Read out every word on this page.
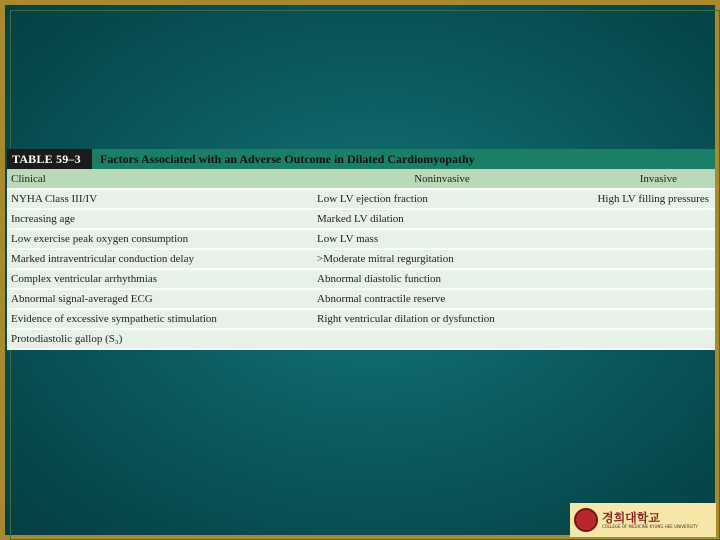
TABLE 59–3	Factors Associated with an Adverse Outcome in Dilated Cardiomyopathy
Clinical	Noninvasive	Invasive
NYHA Class III/IV	Low LV ejection fraction	High LV filling pressures
Increasing age	Marked LV dilation	
Low exercise peak oxygen consumption	Low LV mass	
Marked intraventricular conduction delay	>Moderate mitral regurgitation	
Complex ventricular arrhythmias	Abnormal diastolic function	
Abnormal signal-averaged ECG	Abnormal contractile reserve	
Evidence of excessive sympathetic stimulation	Right ventricular dilation or dysfunction	
Protodiastolic gallop (S₃)		
경희대학교
COLLEGE OF MEDICINE KYUNG HEE UNIVERSITY
